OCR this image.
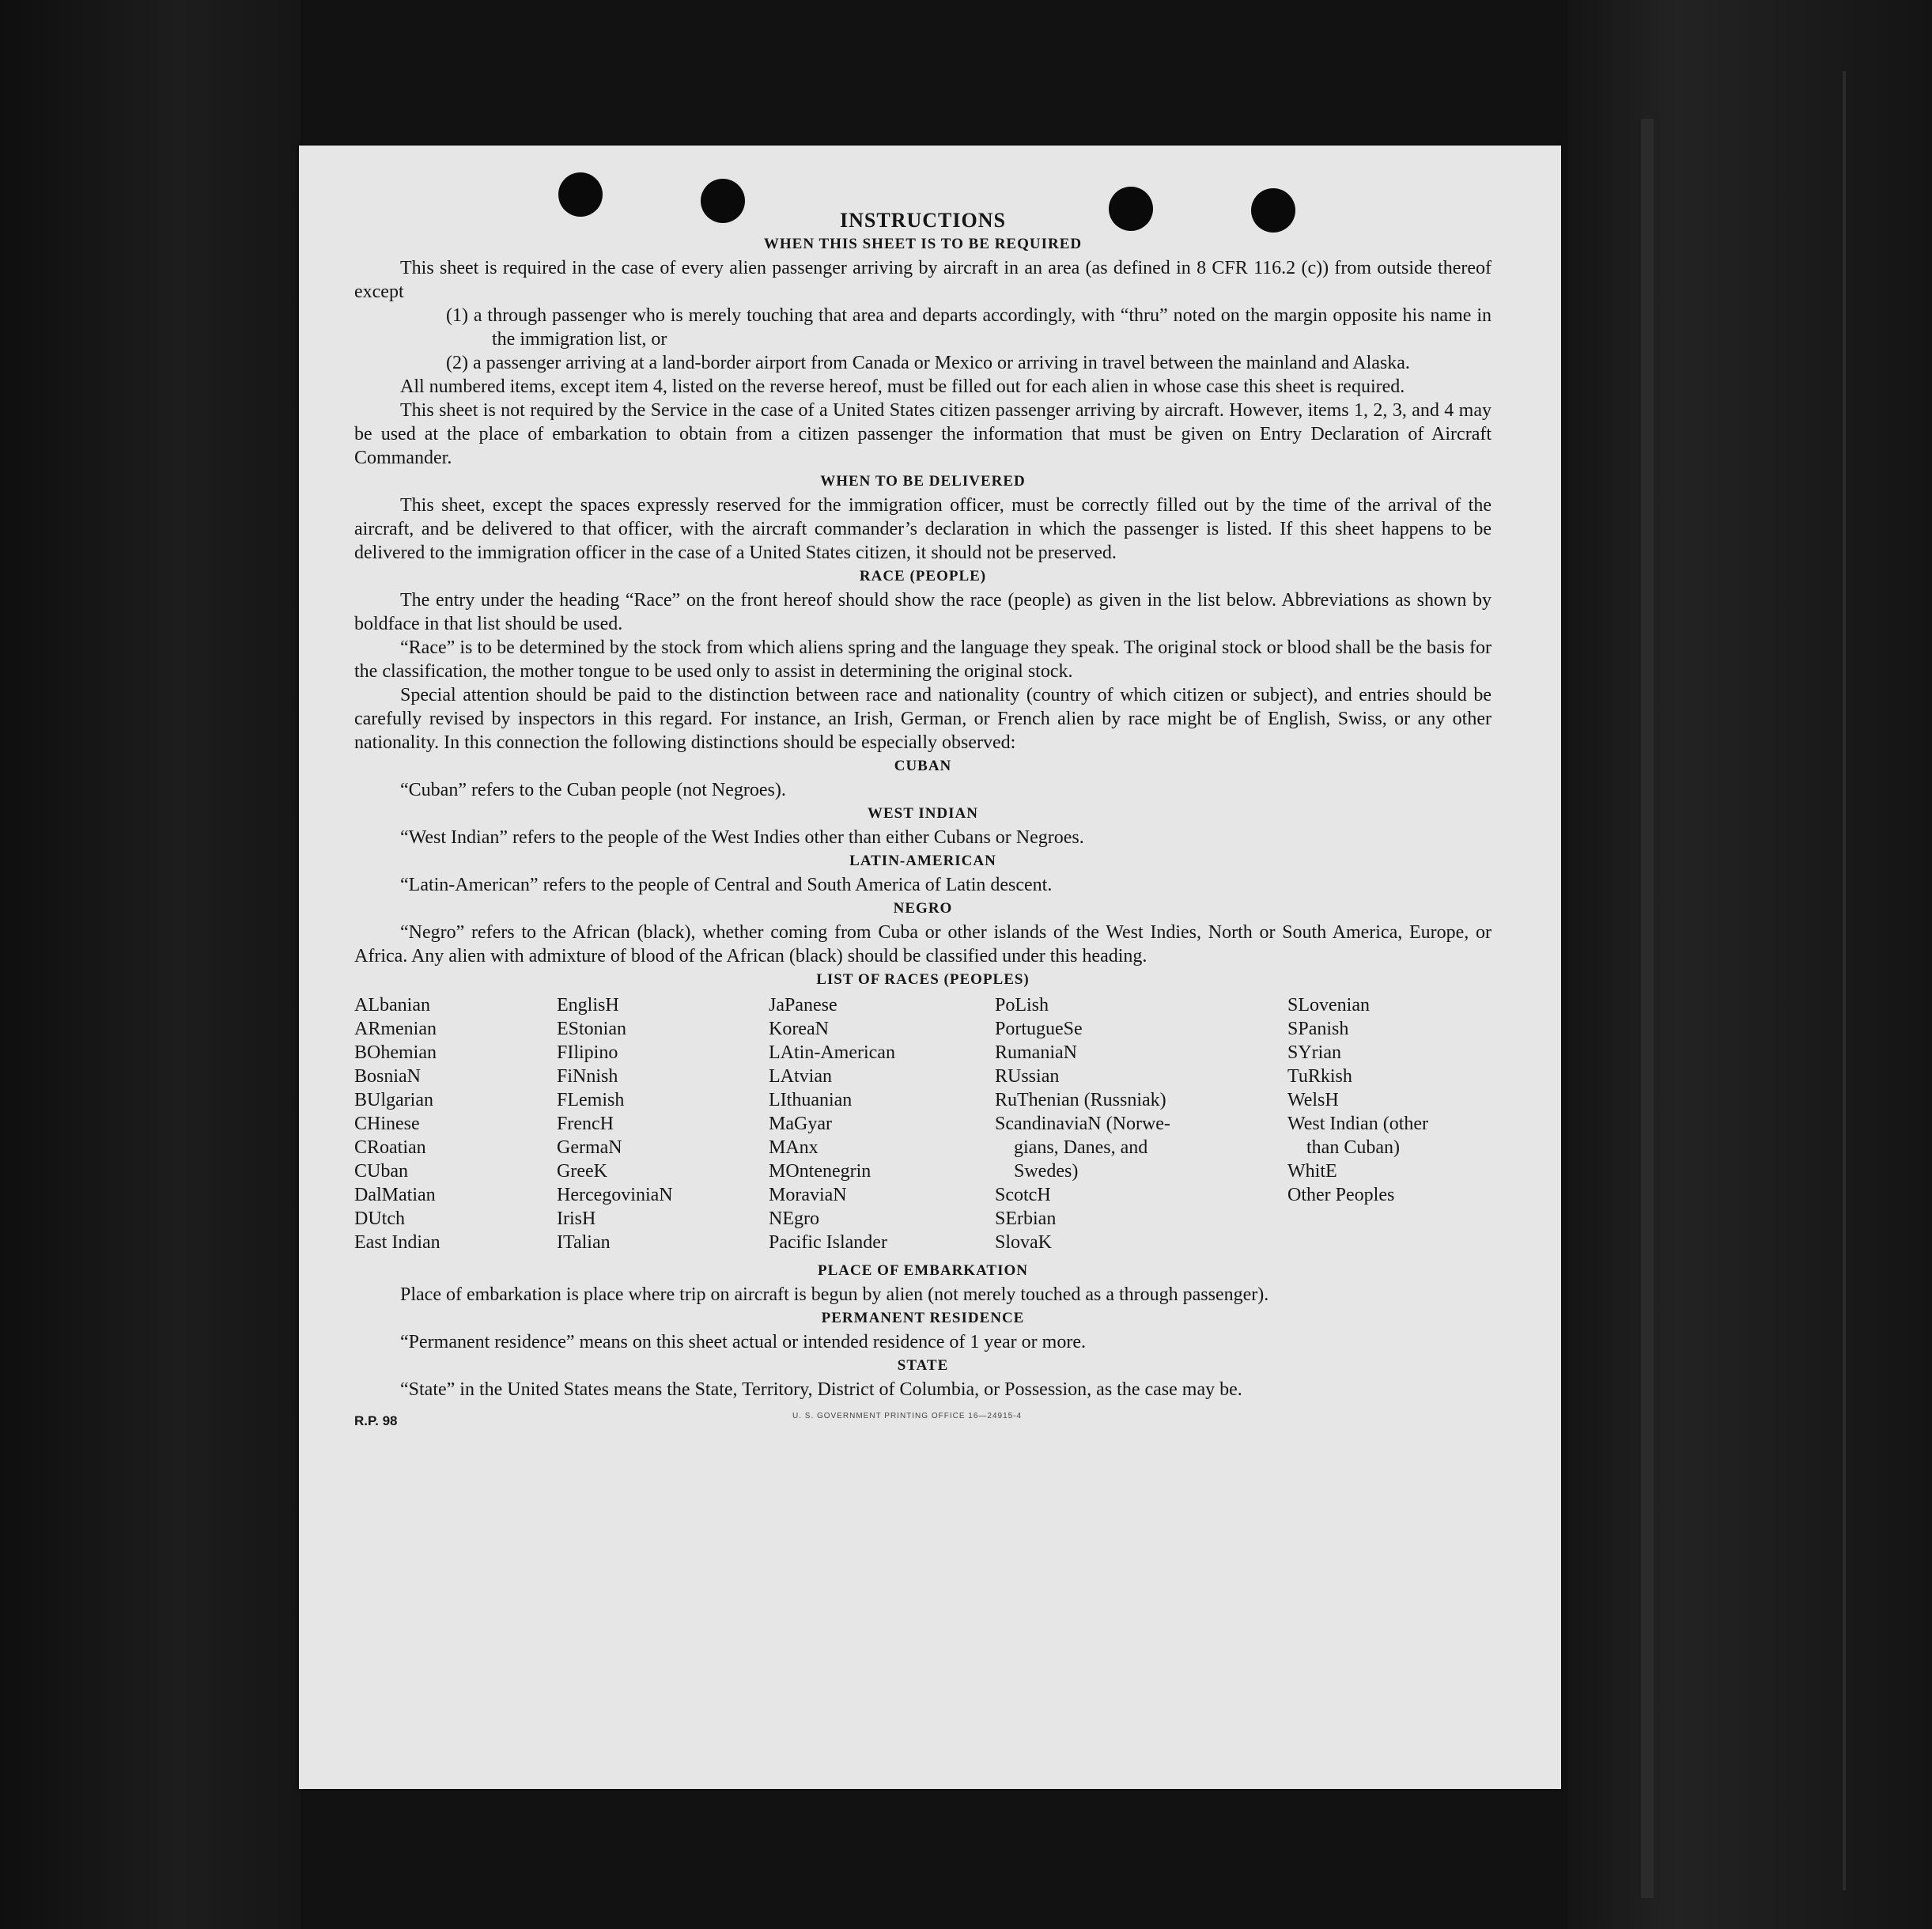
INSTRUCTIONS
WHEN THIS SHEET IS TO BE REQUIRED

This sheet is required in the case of every alien passenger arriving by aircraft in an area (as defined in 8 CFR 116.2 (c)) from outside thereof except

(1) a through passenger who is merely touching that area and departs accordingly, with “thru” noted on the margin opposite his name in the immigration list, or
(2) a passenger arriving at a land-border airport from Canada or Mexico or arriving in travel between the mainland and Alaska.

All numbered items, except item 4, listed on the reverse hereof, must be filled out for each alien in whose case this sheet is required.

This sheet is not required by the Service in the case of a United States citizen passenger arriving by aircraft. However, items 1, 2, 3, and 4 may be used at the place of embarkation to obtain from a citizen passenger the information that must be given on Entry Declaration of Aircraft Commander.

WHEN TO BE DELIVERED

This sheet, except the spaces expressly reserved for the immigration officer, must be correctly filled out by the time of the arrival of the aircraft, and be delivered to that officer, with the aircraft commander’s declaration in which the passenger is listed. If this sheet happens to be delivered to the immigration officer in the case of a United States citizen, it should not be preserved.

RACE (PEOPLE)

The entry under the heading “Race” on the front hereof should show the race (people) as given in the list below. Abbreviations as shown by boldface in that list should be used.

“Race” is to be determined by the stock from which aliens spring and the language they speak. The original stock or blood shall be the basis for the classification, the mother tongue to be used only to assist in determining the original stock.

Special attention should be paid to the distinction between race and nationality (country of which citizen or subject), and entries should be carefully revised by inspectors in this regard. For instance, an Irish, German, or French alien by race might be of English, Swiss, or any other nationality. In this connection the following distinctions should be especially observed:

CUBAN

“Cuban” refers to the Cuban people (not Negroes).

WEST INDIAN

“West Indian” refers to the people of the West Indies other than either Cubans or Negroes.

LATIN-AMERICAN

“Latin-American” refers to the people of Central and South America of Latin descent.

NEGRO

“Negro” refers to the African (black), whether coming from Cuba or other islands of the West Indies, North or South America, Europe, or Africa. Any alien with admixture of blood of the African (black) should be classified under this heading.

LIST OF RACES (PEOPLES)
ALbanian
ARmenian
BOhemian
BosniaN
BUlgarian
CHinese
CRoatian
CUban
DalMatian
DUtch
East Indian
EnglisH
EStonian
FIlipino
FiNnish
FLemish
FrencH
GermaN
GreeK
HercegoviniaN
IrisH
ITalian
JaPanese
KoreaN
LAtin-American
LAtvian
LIthuanian
MaGyar
MAnx
MOntenegrin
MoraviaN
NEgro
Pacific Islander
PoLish
PortugueSe
RumaniaN
RUssian
RuThenian (Russniak)
ScandinaviaN (Norwe-
gians, Danes, and
Swedes)
ScotcH
SErbian
SlovaK
SLovenian
SPanish
SYrian
TuRkish
WelsH
West Indian (other
than Cuban)
WhitE
Other Peoples
PLACE OF EMBARKATION

Place of embarkation is place where trip on aircraft is begun by alien (not merely touched as a through passenger).

PERMANENT RESIDENCE

“Permanent residence” means on this sheet actual or intended residence of 1 year or more.

STATE

“State” in the United States means the State, Territory, District of Columbia, or Possession, as the case may be.

R.P. 98	U. S. GOVERNMENT PRINTING OFFICE 16—24915-4
